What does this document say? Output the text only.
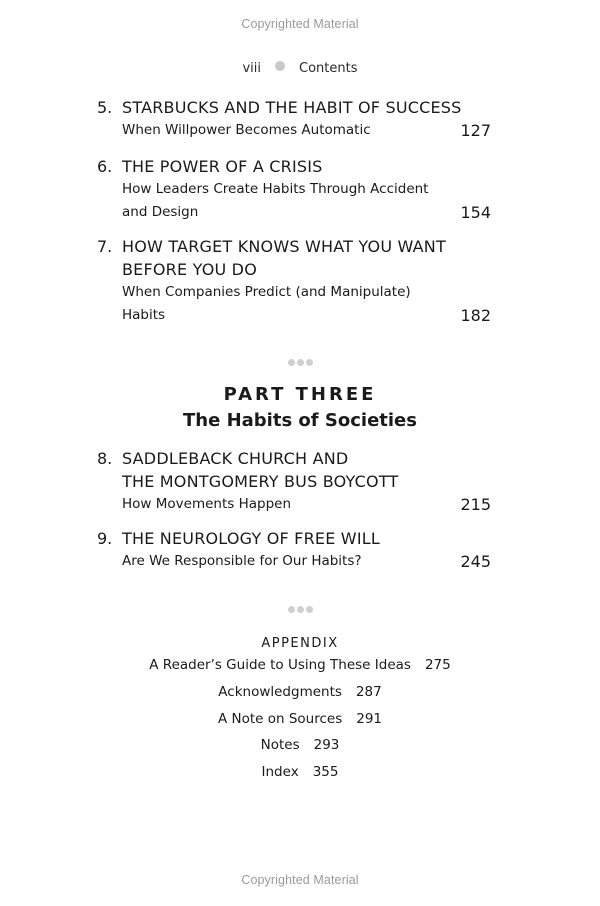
Copyrighted Material
viii	Contents
5. STARBUCKS AND THE HABIT OF SUCCESS
When Willpower Becomes Automatic	127
6. THE POWER OF A CRISIS
How Leaders Create Habits Through Accident
and Design	154
7. HOW TARGET KNOWS WHAT YOU WANT
BEFORE YOU DO
When Companies Predict (and Manipulate)
Habits	182
PART THREE
The Habits of Societies
8. SADDLEBACK CHURCH AND
THE MONTGOMERY BUS BOYCOTT
How Movements Happen	215
9. THE NEUROLOGY OF FREE WILL
Are We Responsible for Our Habits?	245
APPENDIX
A Reader’s Guide to Using These Ideas 275
Acknowledgments 287
A Note on Sources 291
Notes 293
Index 355
Copyrighted Material
